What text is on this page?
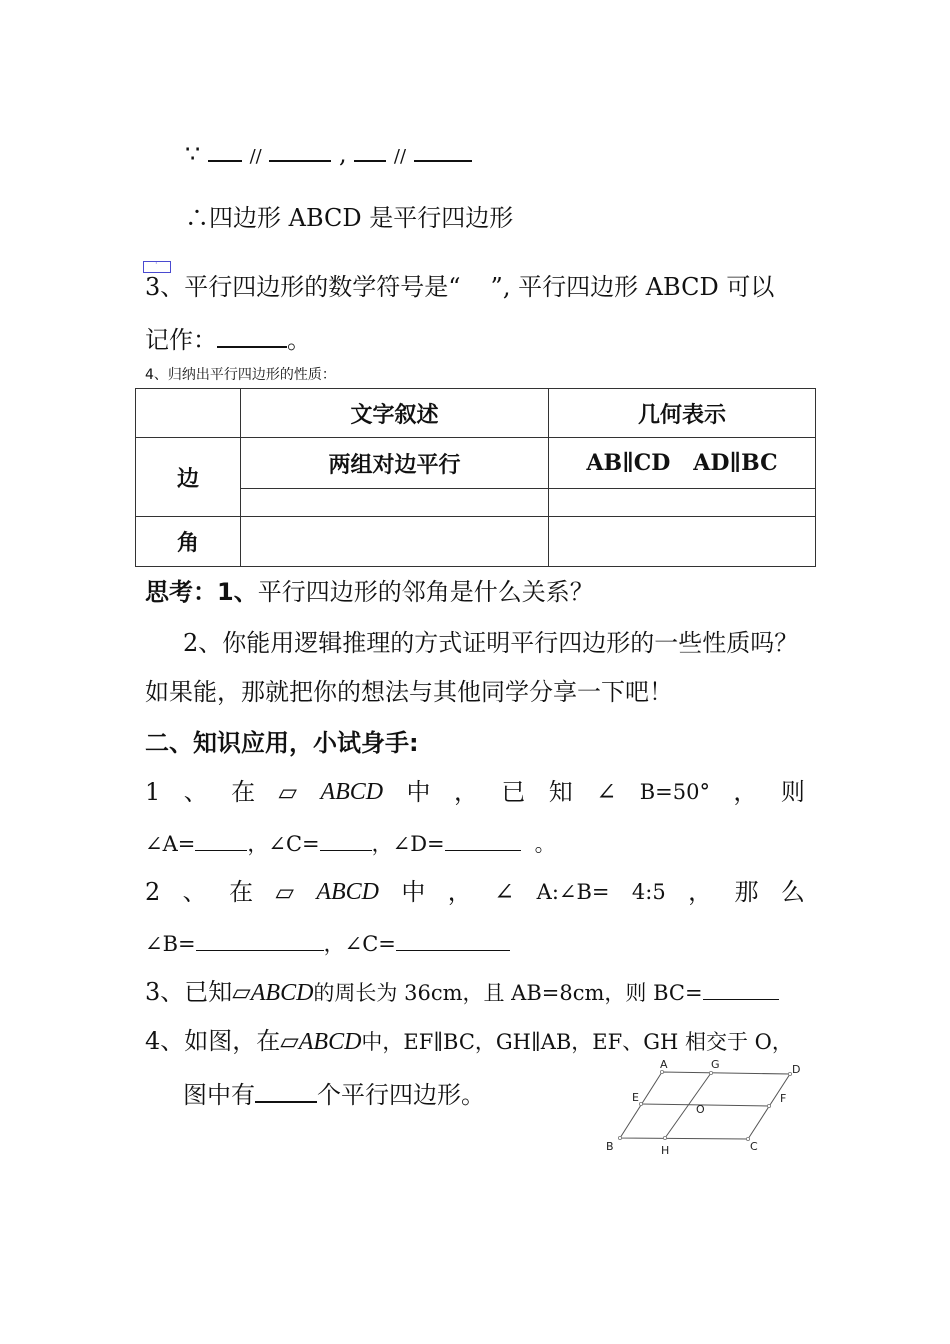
∵	//	,	//
∴四边形 ABCD 是平行四边形
·
3、平行四边形的数学符号是“ ”, 平行四边形 ABCD 可以
记作：	。
4、归纳出平行四边形的性质：
	文字叙述	几何表示
边	两组对边平行	AB∥CD   AD∥BC

角		
思考：1、平行四边形的邻角是什么关系？
2、你能用逻辑推理的方式证明平行四边形的一些性质吗？
如果能，那就把你的想法与其他同学分享一下吧！
二、知识应用，小试身手:
1 、 在 ▱ ABCD 中 ， 已 知 ∠ B=50° ， 则
∠A= ，∠C= ，∠D=	。
2 、 在 ▱ ABCD 中 ， ∠ A:∠B= 4:5 ， 那 么
∠B=	，∠C=
3、已知▱ABCD的周长为 36cm，且 AB=8cm，则 BC=
4、如图，在▱ABCD中，EF∥BC，GH∥AB，EF、GH 相交于 O，
图中有	个平行四边形。
A	G	D
E
O
F
B	H	C
